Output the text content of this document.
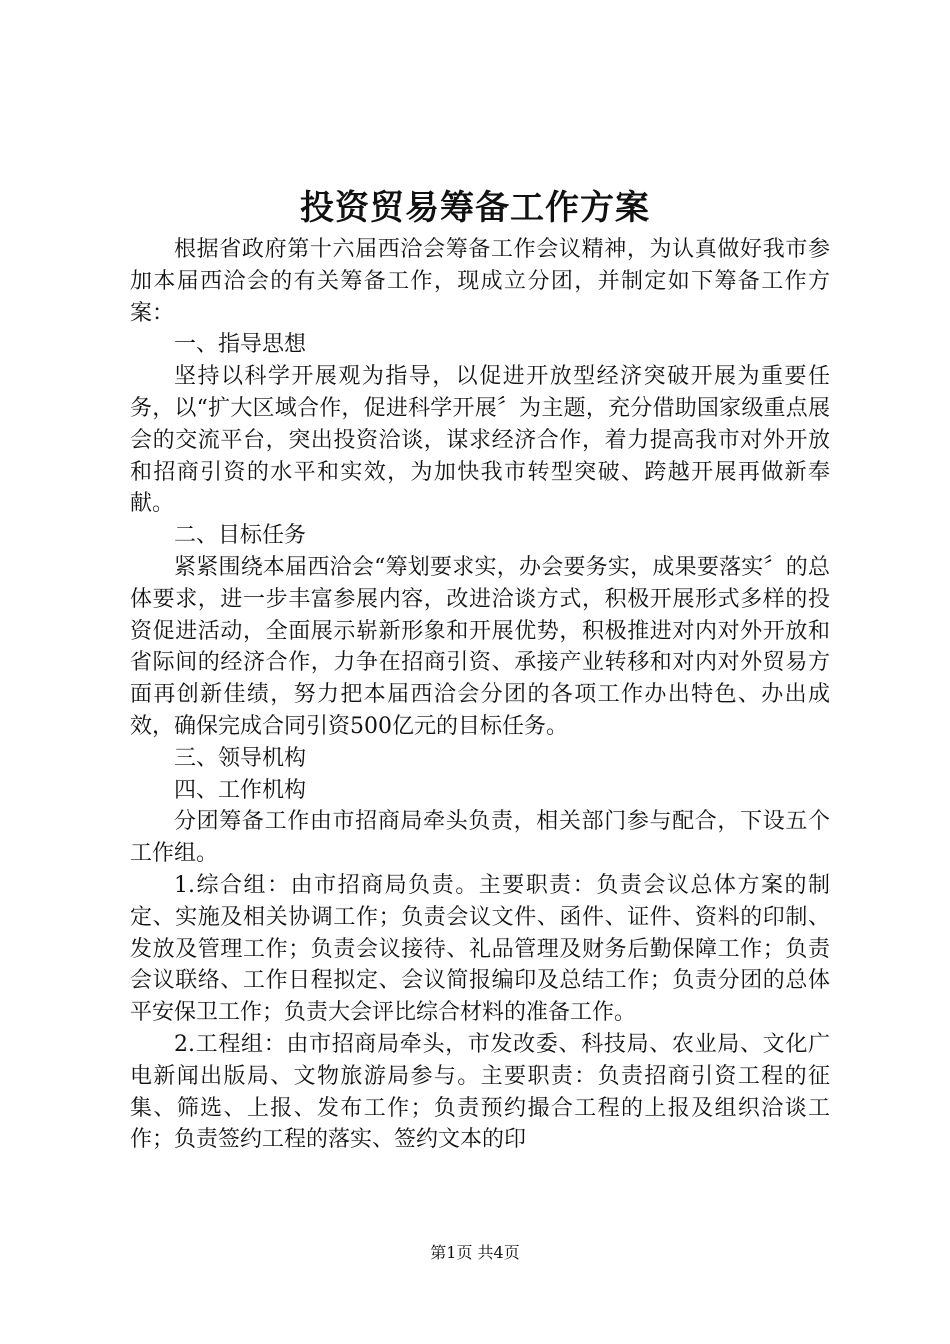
投资贸易筹备工作方案

根据省政府第十六届西洽会筹备工作会议精神，为认真做好我市参加本届西洽会的有关筹备工作，现成立分团，并制定如下筹备工作方案：

一、指导思想

坚持以科学开展观为指导，以促进开放型经济突破开展为重要任务，以“扩大区域合作，促进科学开展〞为主题，充分借助国家级重点展会的交流平台，突出投资洽谈，谋求经济合作，着力提高我市对外开放和招商引资的水平和实效，为加快我市转型突破、跨越开展再做新奉献。

二、目标任务

紧紧围绕本届西洽会“筹划要求实，办会要务实，成果要落实〞的总体要求，进一步丰富参展内容，改进洽谈方式，积极开展形式多样的投资促进活动，全面展示崭新形象和开展优势，积极推进对内对外开放和省际间的经济合作，力争在招商引资、承接产业转移和对内对外贸易方面再创新佳绩，努力把本届西洽会分团的各项工作办出特色、办出成效，确保完成合同引资500亿元的目标任务。

三、领导机构

四、工作机构

分团筹备工作由市招商局牵头负责，相关部门参与配合，下设五个工作组。

1.综合组：由市招商局负责。主要职责：负责会议总体方案的制定、实施及相关协调工作；负责会议文件、函件、证件、资料的印制、发放及管理工作；负责会议接待、礼品管理及财务后勤保障工作；负责会议联络、工作日程拟定、会议简报编印及总结工作；负责分团的总体平安保卫工作；负责大会评比综合材料的准备工作。

2.工程组：由市招商局牵头，市发改委、科技局、农业局、文化广电新闻出版局、文物旅游局参与。主要职责：负责招商引资工程的征集、筛选、上报、发布工作；负责预约撮合工程的上报及组织洽谈工作；负责签约工程的落实、签约文本的印

第1页 共4页
